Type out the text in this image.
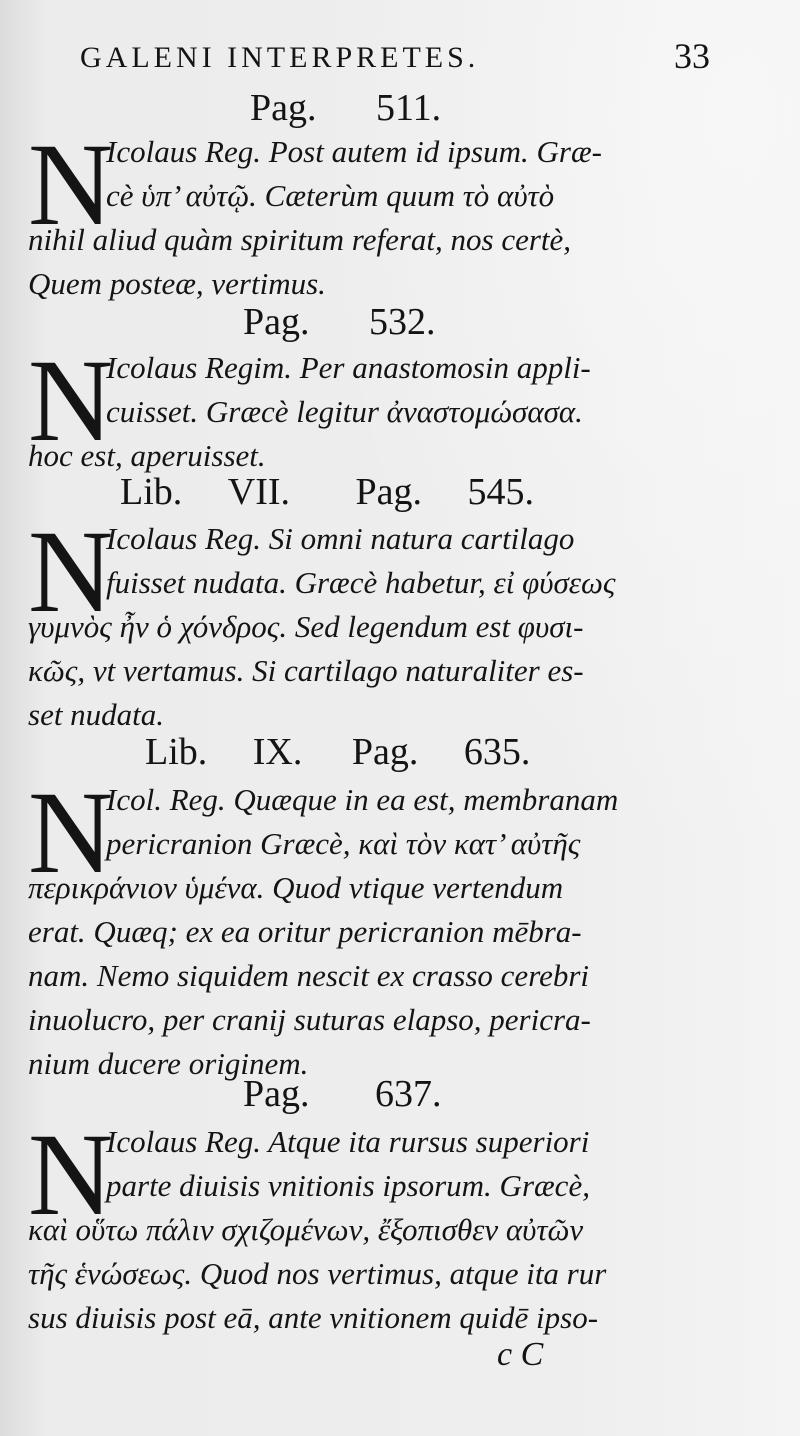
GALENI INTERPRETES.	33
Pag. 511.
N
Icolaus Reg. Post autem id ipsum. Græ-
cè ὑπ’ αὐτῷ. Cæterùm quum τὸ αὐτὸ
nihil aliud quàm spiritum referat, nos certè,
Quem posteæ, vertimus.
Pag. 532.
N
Icolaus Regim. Per anastomosin appli-
cuisset. Græcè legitur ἀναστομώσασα.
hoc est, aperuisset.
Lib. VII. Pag. 545.
N
Icolaus Reg. Si omni natura cartilago
fuisset nudata. Græcè habetur, εἰ φύσεως
γυμνὸς ἦν ὁ χόνδρος. Sed legendum est φυσι-
κῶς, vt vertamus. Si cartilago naturaliter es-
set nudata.
Lib. IX. Pag. 635.
N
Icol. Reg. Quæque in ea est, membranam
pericranion Græcè, καὶ τὸν κατ’ αὐτῆς
περικράνιον ὑμένα. Quod vtique vertendum
erat. Quæq; ex ea oritur pericranion mēbra-
nam. Nemo siquidem nescit ex crasso cerebri
inuolucro, per cranij suturas elapso, pericra-
nium ducere originem.
Pag. 637.
N
Icolaus Reg. Atque ita rursus superiori
parte diuisis vnitionis ipsorum. Græcè,
καὶ οὕτω πάλιν σχιζομένων, ἔξοπισθεν αὐτῶν
τῆς ἑνώσεως. Quod nos vertimus, atque ita rur
sus diuisis post eā, ante vnitionem quidē ipso-
c C
